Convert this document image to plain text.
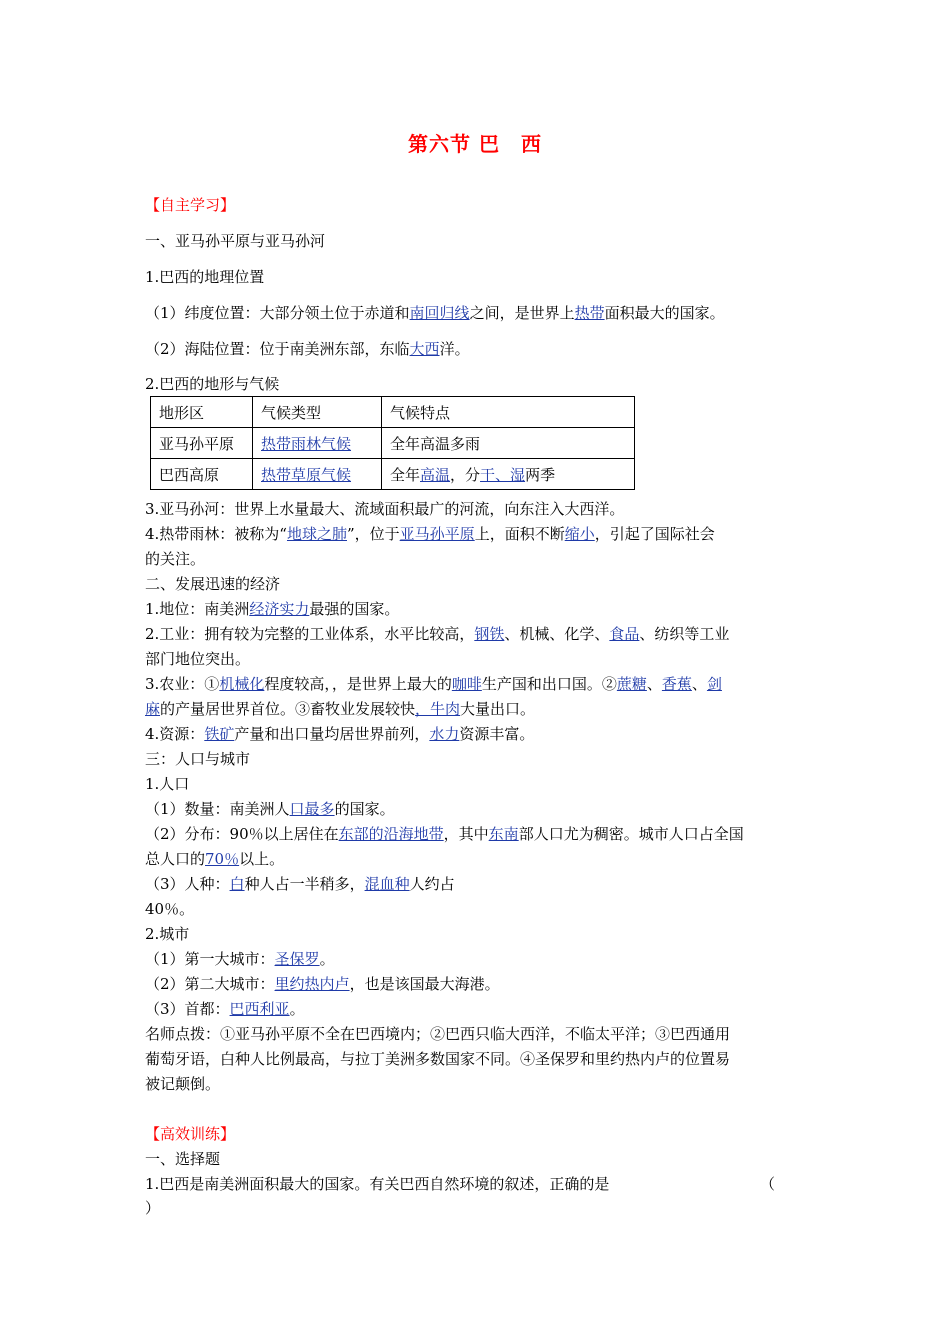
第六节 巴　西
【自主学习】
一、亚马孙平原与亚马孙河
1.巴西的地理位置
（1）纬度位置：大部分领土位于赤道和南回归线之间，是世界上热带面积最大的国家。
（2）海陆位置：位于南美洲东部，东临大西洋。
2.巴西的地形与气候
地形区	气候类型	气候特点
亚马孙平原	热带雨林气候	全年高温多雨
巴西高原	热带草原气候	全年高温，分干、湿两季
3.亚马孙河：世界上水量最大、流域面积最广的河流，向东注入大西洋。
4.热带雨林：被称为“地球之肺”，位于亚马孙平原上，面积不断缩小，引起了国际社会
的关注。
二、发展迅速的经济
1.地位：南美洲经济实力最强的国家。
2.工业：拥有较为完整的工业体系，水平比较高，钢铁、机械、化学、食品、纺织等工业
部门地位突出。
3.农业：①机械化程度较高，，是世界上最大的咖啡生产国和出口国。②蔗糖、香蕉、剑
麻的产量居世界首位。③畜牧业发展较快，牛肉大量出口。
4.资源：铁矿产量和出口量均居世界前列，水力资源丰富。
三：人口与城市
1.人口
（1）数量：南美洲人口最多的国家。
（2）分布：90％以上居住在东部的沿海地带，其中东南部人口尤为稠密。城市人口占全国
总人口的70％以上。
（3）人种：白种人占一半稍多，混血种人约占
40％。
2.城市
（1）第一大城市：圣保罗。
（2）第二大城市：里约热内卢，也是该国最大海港。
（3）首都：巴西利亚。
名师点拨：①亚马孙平原不全在巴西境内；②巴西只临大西洋，不临太平洋；③巴西通用
葡萄牙语，白种人比例最高，与拉丁美洲多数国家不同。④圣保罗和里约热内卢的位置易
被记颠倒。
【高效训练】
一、选择题
1.巴西是南美洲面积最大的国家。有关巴西自然环境的叙述，正确的是	（
）
